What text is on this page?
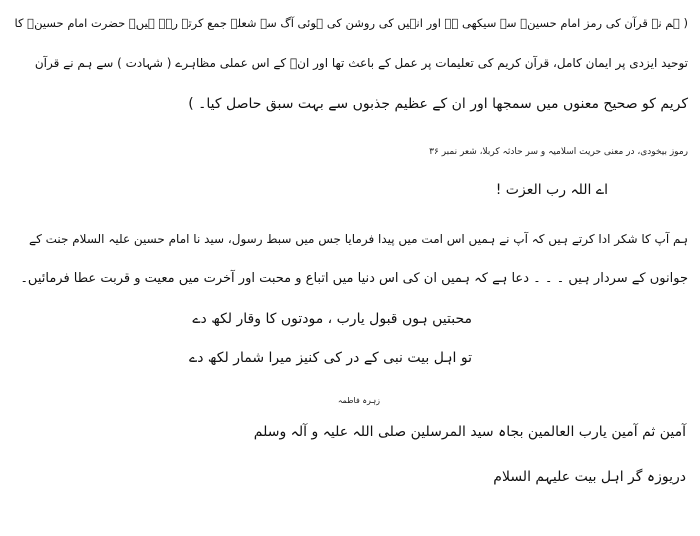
( ہم نے قرآن کی رمز امام حسینؓ سے سیکھی ہے اور انہیں کی روشن کی ہوئی آگ سے شعلے جمع کرتے رہے ہیں۔ حضرت امام حسینؓ کا
توحید ایزدی پر ایمان کامل، قرآن کریم کی تعلیمات پر عمل کے باعث تھا اور انؓ کے اس عملی مظاہرے ( شہادت ) سے ہم نے قرآن
کریم کو صحیح معنوں میں سمجھا اور ان کے عظیم جذبوں سے بہت سبق حاصل کیا۔ )
رموز بیخودی، در معنی حریت اسلامیہ و سر حادثہ کربلا، شعر نمبر ۳۶
اے اللہ رب العزت !
ہم آپ کا شکر ادا کرتے ہیں کہ آپ نے ہمیں اس امت میں پیدا فرمایا جس میں سبط رسول، سید نا امام حسین علیہ السلام جنت کے
جوانوں کے سردار ہیں ۔ ۔ ۔ دعا ہے کہ ہمیں ان کی اس دنیا میں اتباع و محبت اور آخرت میں معیت و قربت عطا فرمائیں۔
محبتیں ہوں قبول یارب ، مودتوں کا وقار لکھ دے
تو اہل بیت نبی کے در کی کنیز میرا شمار لکھ دے
زہرہ فاطمہ
آمین ثم آمین یارب العالمین بجاہ سید المرسلین صلی اللہ علیہ و آلہ وسلم
دریوزہ گر اہل بیت علیہم السلام
